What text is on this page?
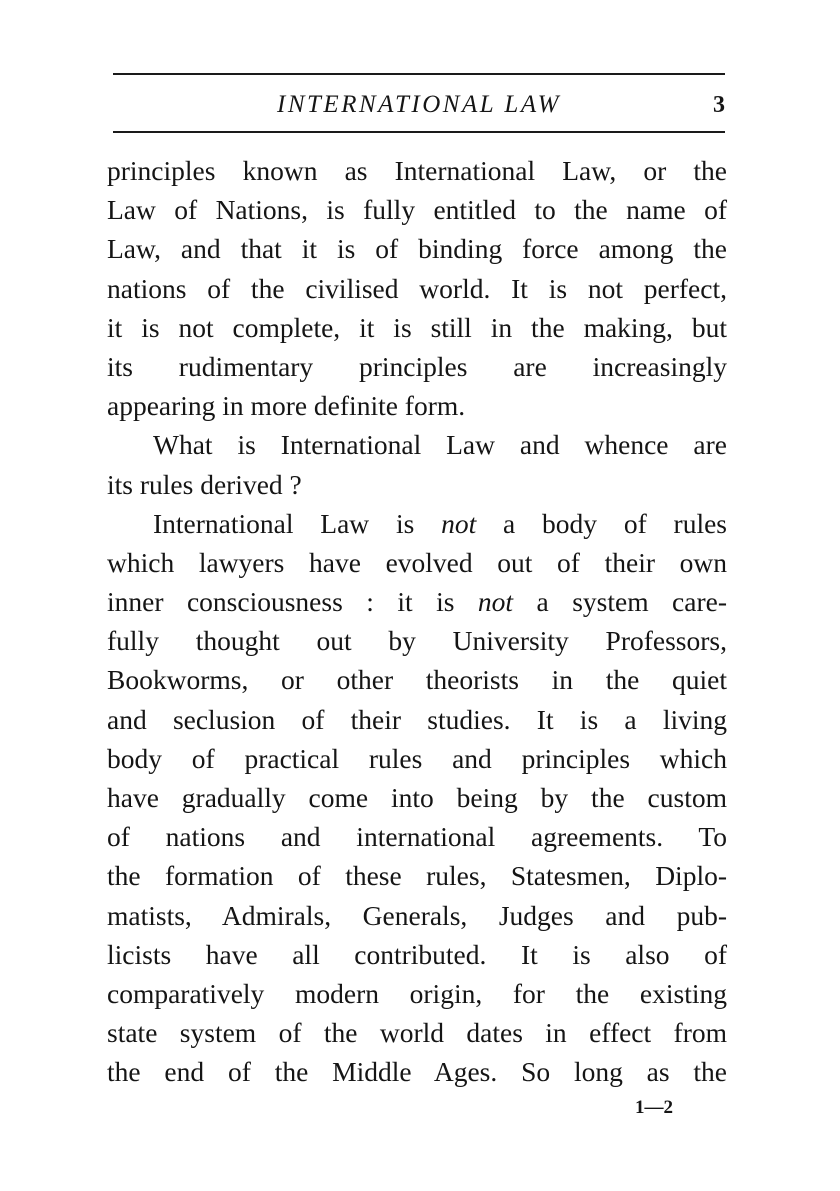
INTERNATIONAL LAW	3
principles known as International Law, or the
Law of Nations, is fully entitled to the name of
Law, and that it is of binding force among the
nations of the civilised world. It is not perfect,
it is not complete, it is still in the making, but
its rudimentary principles are increasingly
appearing in more definite form.
What is International Law and whence are
its rules derived ?
International Law is not a body of rules
which lawyers have evolved out of their own
inner consciousness : it is not a system care-
fully thought out by University Professors,
Bookworms, or other theorists in the quiet
and seclusion of their studies. It is a living
body of practical rules and principles which
have gradually come into being by the custom
of nations and international agreements. To
the formation of these rules, Statesmen, Diplo-
matists, Admirals, Generals, Judges and pub-
licists have all contributed. It is also of
comparatively modern origin, for the existing
state system of the world dates in effect from
the end of the Middle Ages. So long as the
1—2
